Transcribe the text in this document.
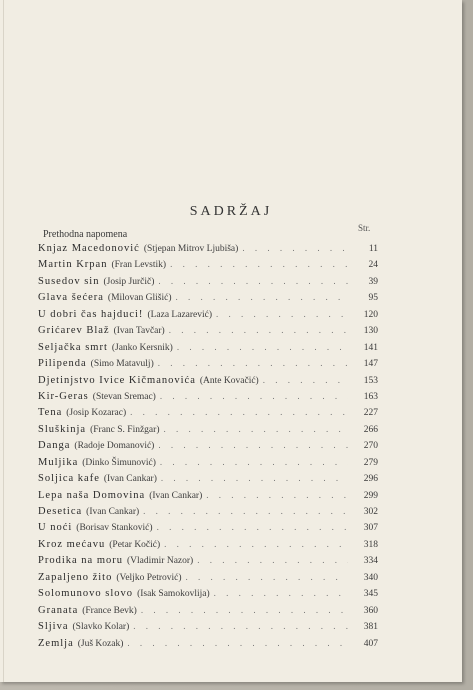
SADRŽAJ
Str.
Prethodna napomena
Knjaz Macedonović (Stjepan Mitrov Ljubiša) . . .	11
Martin Krpan (Fran Levstik) . . .	24
Susedov sin (Josip Jurčič) . . .	39
Glava šećera (Milovan Glišić) . . .	95
U dobri čas hajduci! (Laza Lazarević) . . .	120
Grićarev Blaž (Ivan Tavčar) . . .	130
Seljačka smrt (Janko Kersnik) . . .	141
Pilipenda (Simo Matavulj) . . .	147
Djetinjstvo Ivice Kičmanovića (Ante Kovačić) . . .	153
Kir-Geras (Stevan Sremac) . . .	163
Tena (Josip Kozarac) . . .	227
Sluškinja (Franc S. Finžgar) . . .	266
Danga (Radoje Domanović) . . .	270
Muljika (Dinko Šimunović) . . .	279
Soljica kafe (Ivan Cankar) . . .	296
Lepa naša Domovina (Ivan Cankar) . . .	299
Desetica (Ivan Cankar) . . .	302
U noći (Borisav Stanković) . . .	307
Kroz mećavu (Petar Kočić) . . .	318
Prodika na moru (Vladimir Nazor) . . .	334
Zapaljeno žito (Veljko Petrović) . . .	340
Solomunovo slovo (Isak Samokovlija) . . .	345
Granata (France Bevk) . . .	360
Sljiva (Slavko Kolar) . . .	381
Zemlja (Juš Kozak) . . .	407
